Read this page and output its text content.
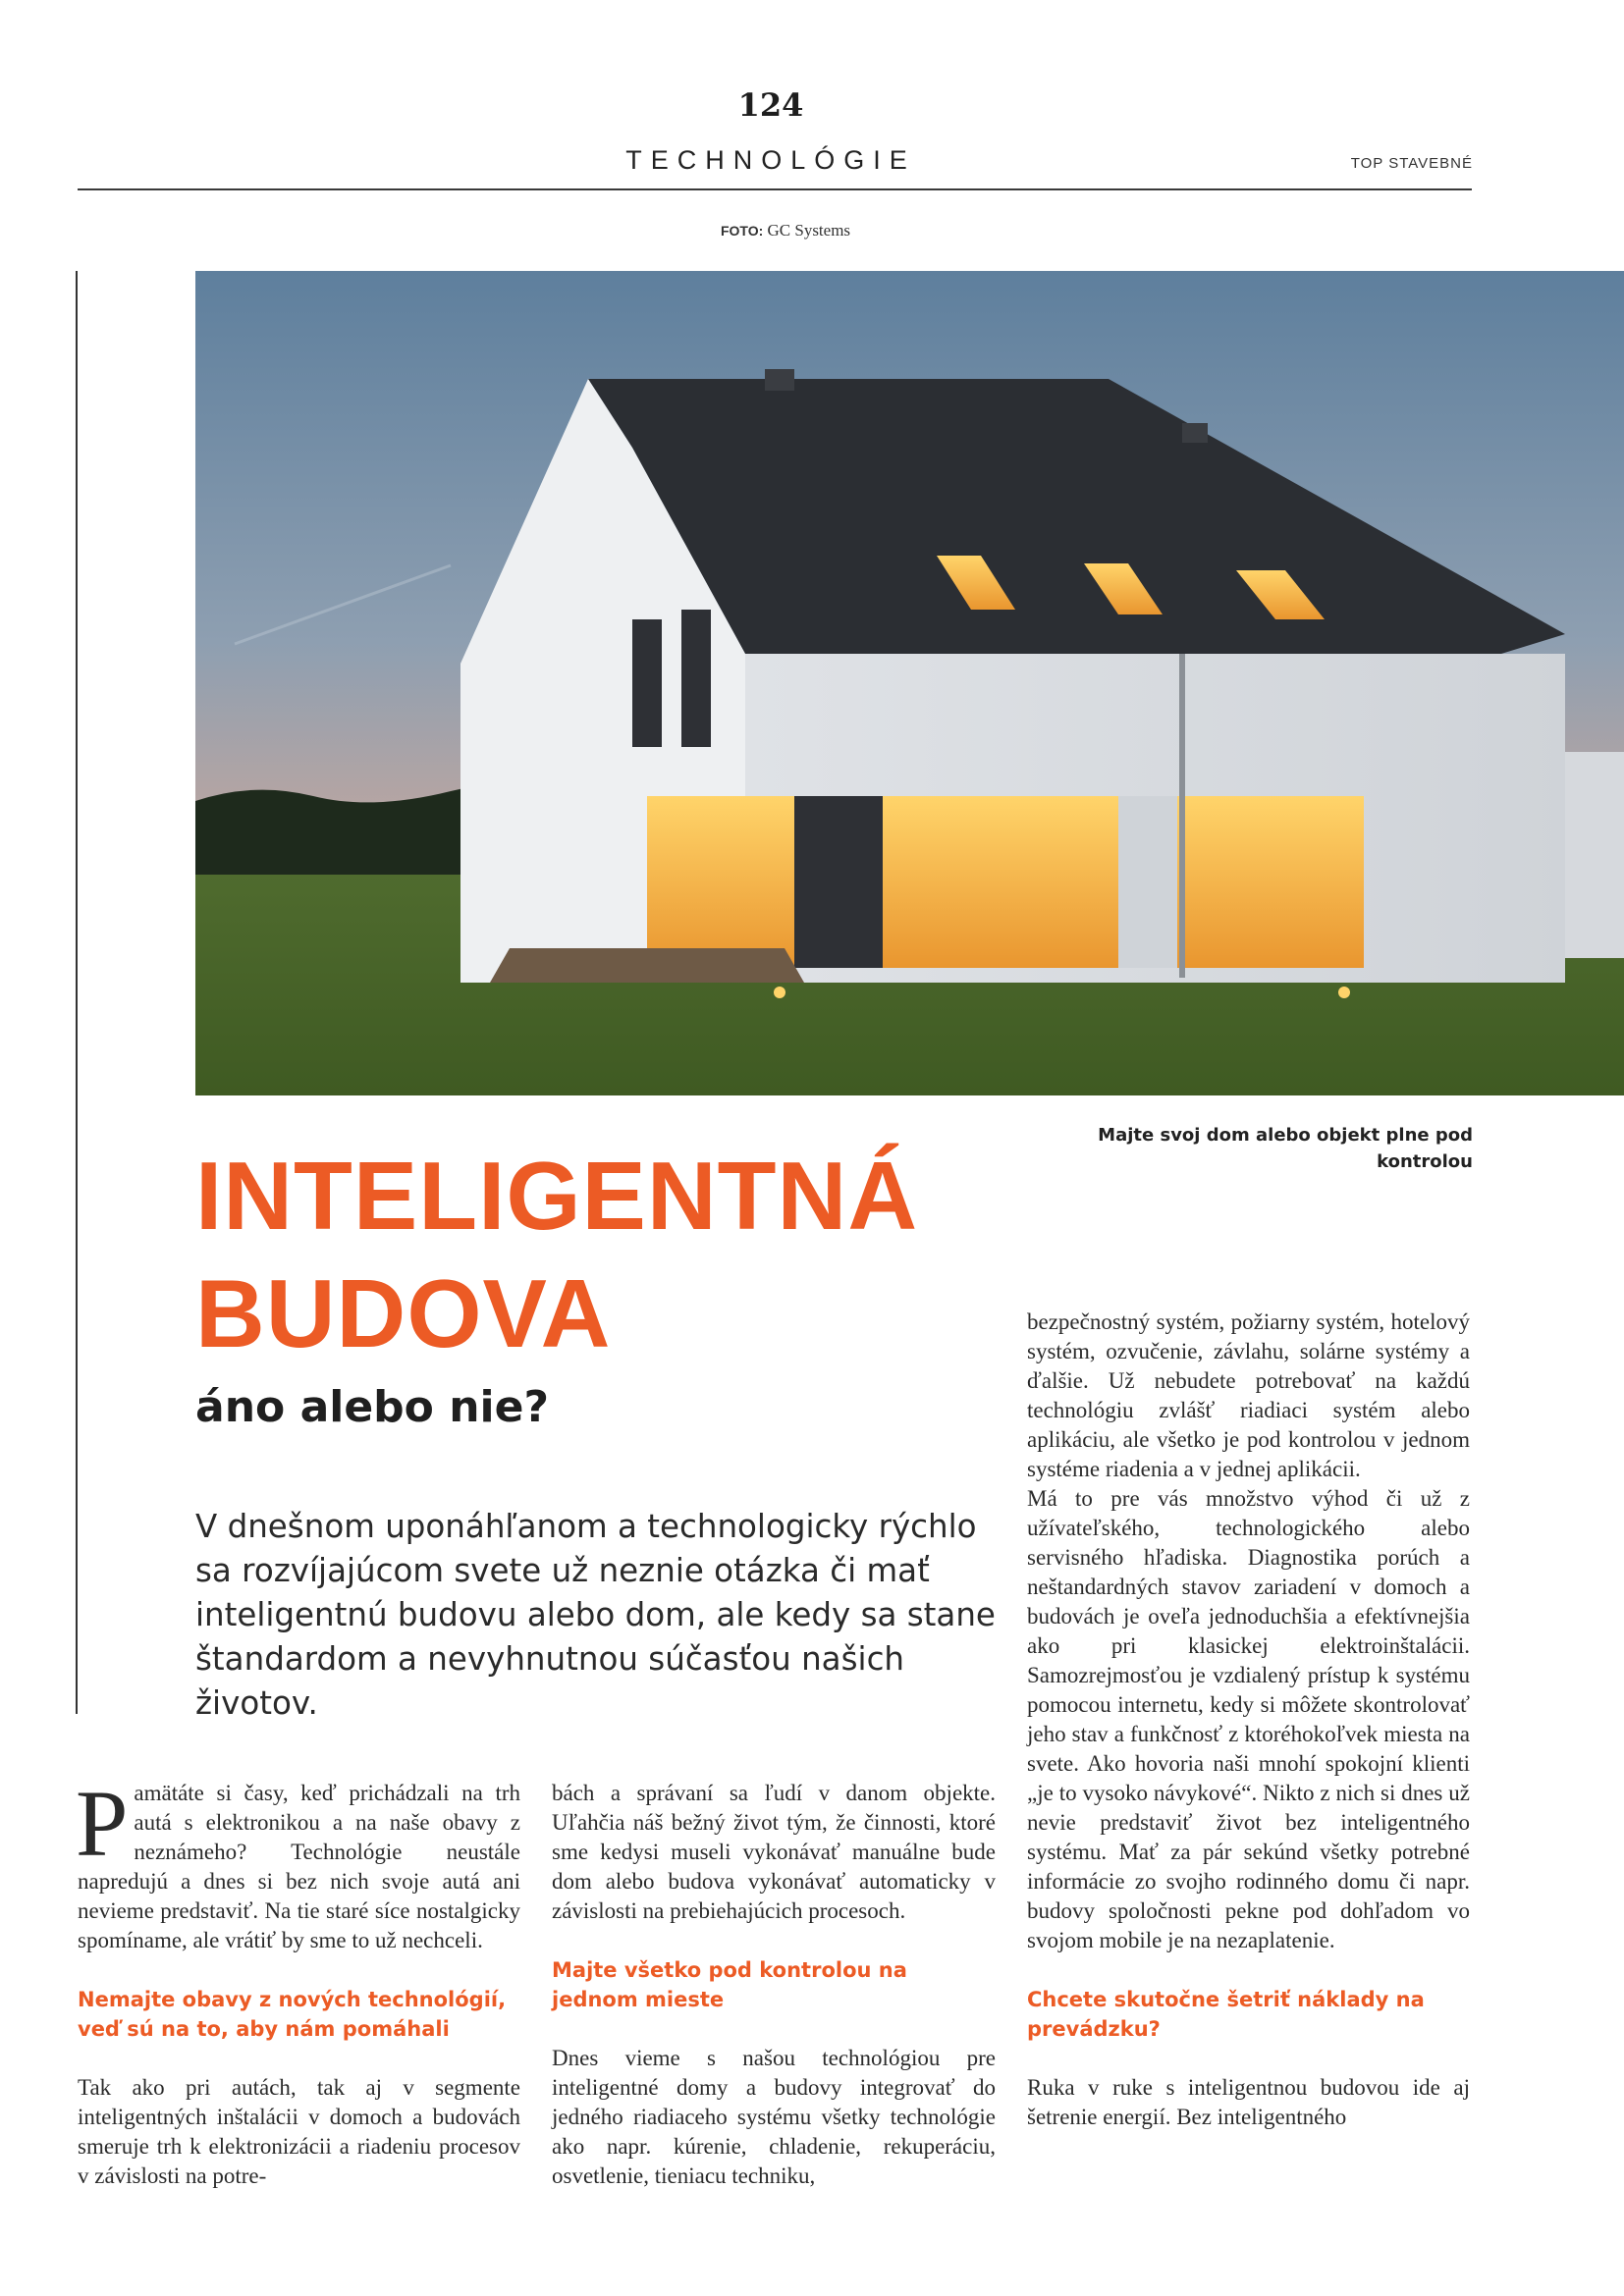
124
TECHNOLÓGIE	TOP STAVEBNÉ
FOTO: GC Systems
Majte svoj dom alebo objekt plne pod kontrolou
INTELIGENTNÁ
BUDOVA
áno alebo nie?
V dnešnom uponáhľanom a technologicky rýchlo sa rozvíjajúcom svete už neznie otázka či mať inteligentnú budovu alebo dom, ale kedy sa stane štandardom a nevyhnutnou súčasťou našich životov.

Pamätáte si časy, keď prichádzali na trh autá s elektronikou a na naše obavy z neznámeho? Technológie neustále napredujú a dnes si bez nich svoje autá ani nevieme predstaviť. Na tie staré síce nostalgicky spomíname, ale vrátiť by sme to už nechceli.

Nemajte obavy z nových technológií, veď sú na to, aby nám pomáhali

Tak ako pri autách, tak aj v segmente inteligentných inštalácii v domoch a budovách smeruje trh k elektronizácii a riadeniu procesov v závislosti na potre-

bách a správaní sa ľudí v danom objekte. Uľahčia náš bežný život tým, že činnosti, ktoré sme kedysi museli vykonávať manuálne bude dom alebo budova vykonávať automaticky v závislosti na prebiehajúcich procesoch.

Majte všetko pod kontrolou na jednom mieste

Dnes vieme s našou technológiou pre inteligentné domy a budovy integrovať do jedného riadiaceho systému všetky technológie ako napr. kúrenie, chladenie, rekuperáciu, osvetlenie, tieniacu techniku,

bezpečnostný systém, požiarny systém, hotelový systém, ozvučenie, závlahu, solárne systémy a ďalšie. Už nebudete potrebovať na každú technológiu zvlášť riadiaci systém alebo aplikáciu, ale všetko je pod kontrolou v jednom systéme riadenia a v jednej aplikácii.

Má to pre vás množstvo výhod či už z užívateľského, technologického alebo servisného hľadiska. Diagnostika porúch a neštandardných stavov zariadení v domoch a budovách je oveľa jednoduchšia a efektívnejšia ako pri klasickej elektroinštalácii. Samozrejmosťou je vzdialený prístup k systému pomocou internetu, kedy si môžete skontrolovať jeho stav a funkčnosť z ktoréhokoľvek miesta na svete. Ako hovoria naši mnohí spokojní klienti „je to vysoko návykové“. Nikto z nich si dnes už nevie predstaviť život bez inteligentného systému. Mať za pár sekúnd všetky potrebné informácie zo svojho rodinného domu či napr. budovy spoločnosti pekne pod dohľadom vo svojom mobile je na nezaplatenie.

Chcete skutočne šetriť náklady na prevádzku?

Ruka v ruke s inteligentnou budovou ide aj šetrenie energií. Bez inteligentného
